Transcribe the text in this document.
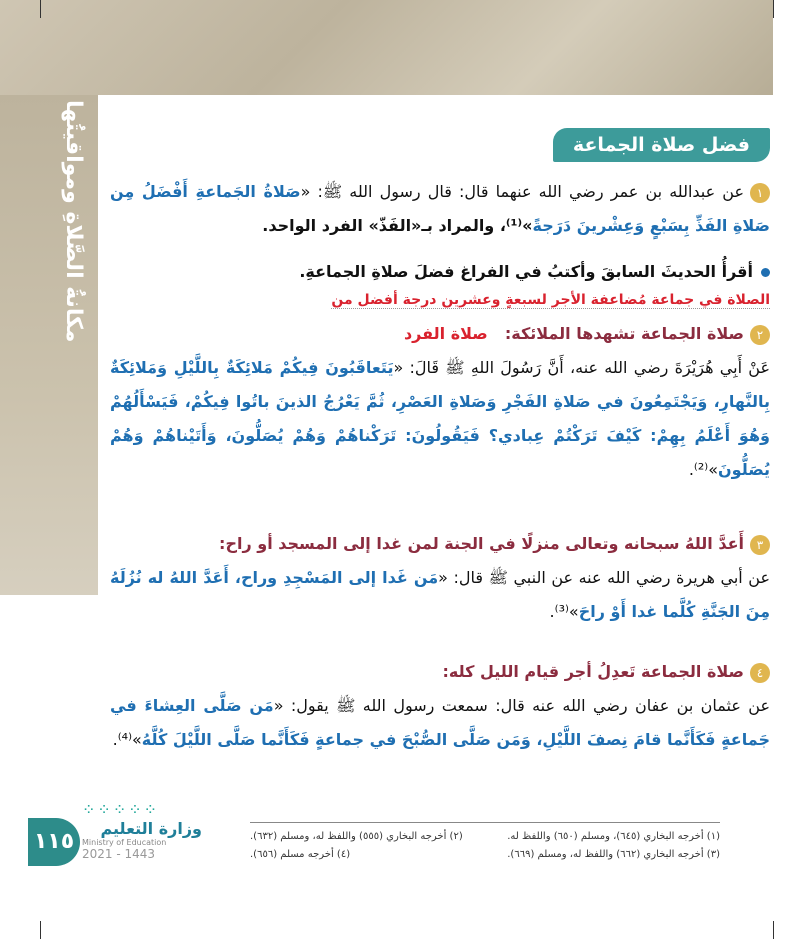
مكانةُ الصَّلاةِ ومواقيتُها	فضل صلاة الجماعة
١عن عبدالله بن عمر رضي الله عنهما قال: قال رسول الله ﷺ: «صَلاةُ الجَماعةِ أَفْضَلُ مِن صَلاةِ الفَذِّ بِسَبْعٍ وَعِشْرينَ دَرَجةً»⁽¹⁾، والمراد بـ«الفَذّ» الفرد الواحد.
أقرأُ الحديثَ السابقَ وأكتبُ في الفراغ فضلَ صلاةِ الجماعةِ.
الصلاة في جماعة مُضاعفة الأجر لسبعةٍ وعشرين درجة أفضل من
٢صلاة الجماعة تشهدها الملائكة: صلاة الفرد
عَنْ أَبِي هُرَيْرَةَ رضي الله عنه، أَنَّ رَسُولَ اللهِ ﷺ قَالَ: «يَتَعاقَبُونَ فِيكُمْ مَلائِكَةٌ بِاللَّيْلِ وَمَلائِكَةٌ بِالنَّهارِ، وَيَجْتَمِعُونَ في صَلاةِ الفَجْرِ وَصَلاةِ العَصْرِ، ثُمَّ يَعْرُجُ الذينَ باتُوا فِيكُمْ، فَيَسْأَلُهُمْ وَهُوَ أَعْلَمُ بِهِمْ: كَيْفَ تَرَكْتُمْ عِبادي؟ فَيَقُولُونَ: تَرَكْناهُمْ وَهُمْ يُصَلُّونَ، وَأَتَيْناهُمْ وَهُمْ يُصَلُّونَ»⁽²⁾.
٣أَعدَّ اللهُ سبحانه وتعالى منزلًا في الجنة لمن غدا إلى المسجد أو راح:
عن أبي هريرة رضي الله عنه عن النبي ﷺ قال: «مَن غَدا إلى المَسْجِدِ وراح، أَعَدَّ اللهُ له نُزُلَهُ مِنَ الجَنَّةِ كُلَّما غدا أَوْ راحَ»⁽³⁾.
٤صلاة الجماعة تَعدِلُ أجر قيام الليل كله:
عن عثمان بن عفان رضي الله عنه قال: سمعت رسول الله ﷺ يقول: «مَن صَلَّى العِشاءَ في جَماعةٍ فَكَأَنَّما قامَ نِصفَ اللَّيْلِ، وَمَن صَلَّى الصُّبْحَ في جماعةٍ فَكَأَنَّما صَلَّى اللَّيْلَ كُلَّهُ»⁽⁴⁾.
(١) أخرجه البخاري (٦٤٥)، ومسلم (٦٥٠) واللفظ له.
(٢) أخرجه البخاري (٥٥٥) واللفظ له، ومسلم (٦٣٢).
(٣) أخرجه البخاري (٦٦٢) واللفظ له، ومسلم (٦٦٩).
(٤) أخرجه مسلم (٦٥٦).
١١٥
⁘⁘⁘⁘⁘
وزارة التعليم
Ministry of Education
2021 - 1443
